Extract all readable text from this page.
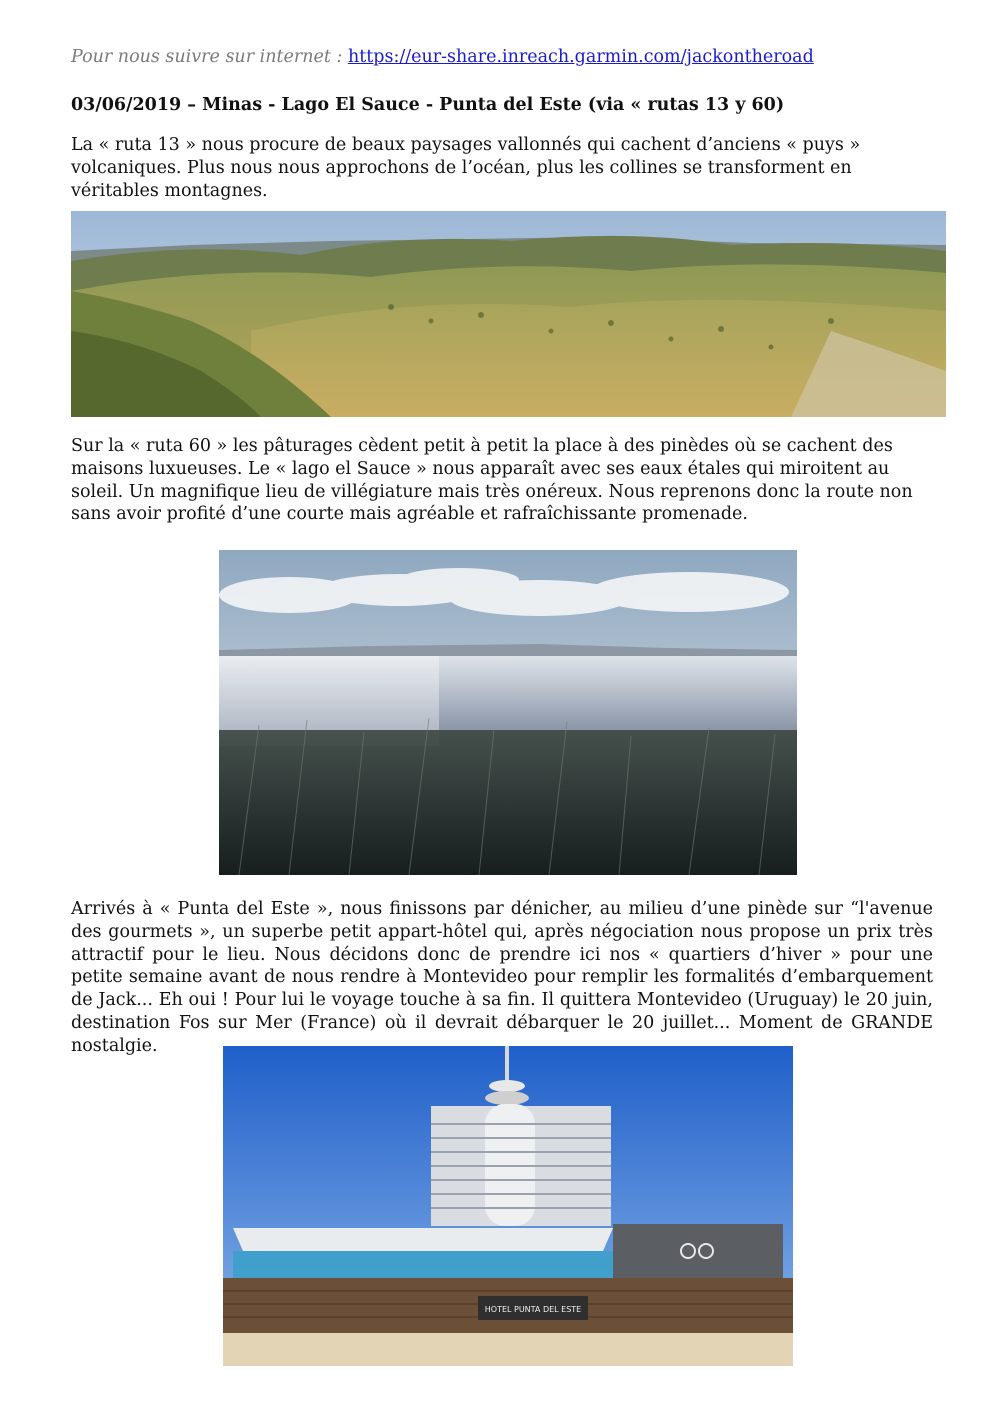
Pour nous suivre sur internet : https://eur-share.inreach.garmin.com/jackontheroad
03/06/2019 – Minas - Lago El Sauce - Punta del Este (via « rutas 13 y 60)

La « ruta 13 » nous procure de beaux paysages vallonnés qui cachent d’anciens « puys » volcaniques. Plus nous nous approchons de l’océan, plus les collines se transforment en véritables montagnes.

Sur la « ruta 60 » les pâturages cèdent petit à petit la place à des pinèdes où se cachent des maisons luxueuses. Le « lago el Sauce » nous apparaît avec ses eaux étales qui miroitent au soleil. Un magnifique lieu de villégiature mais très onéreux. Nous reprenons donc la route non sans avoir profité d’une courte mais agréable et rafraîchissante promenade.

Arrivés à « Punta del Este », nous finissons par dénicher, au milieu d’une pinède sur “l'avenue des gourmets », un superbe petit appart-hôtel qui, après négociation nous propose un prix très attractif pour le lieu. Nous décidons donc de prendre ici nos « quartiers d’hiver » pour une petite semaine avant de nous rendre à Montevideo pour remplir les formalités d’embarquement de Jack... Eh oui ! Pour lui le voyage touche à sa fin. Il quittera Montevideo (Uruguay) le 20 juin, destination Fos sur Mer (France) où il devrait débarquer le 20 juillet... Moment de GRANDE nostalgie.

HOTEL PUNTA DEL ESTE
